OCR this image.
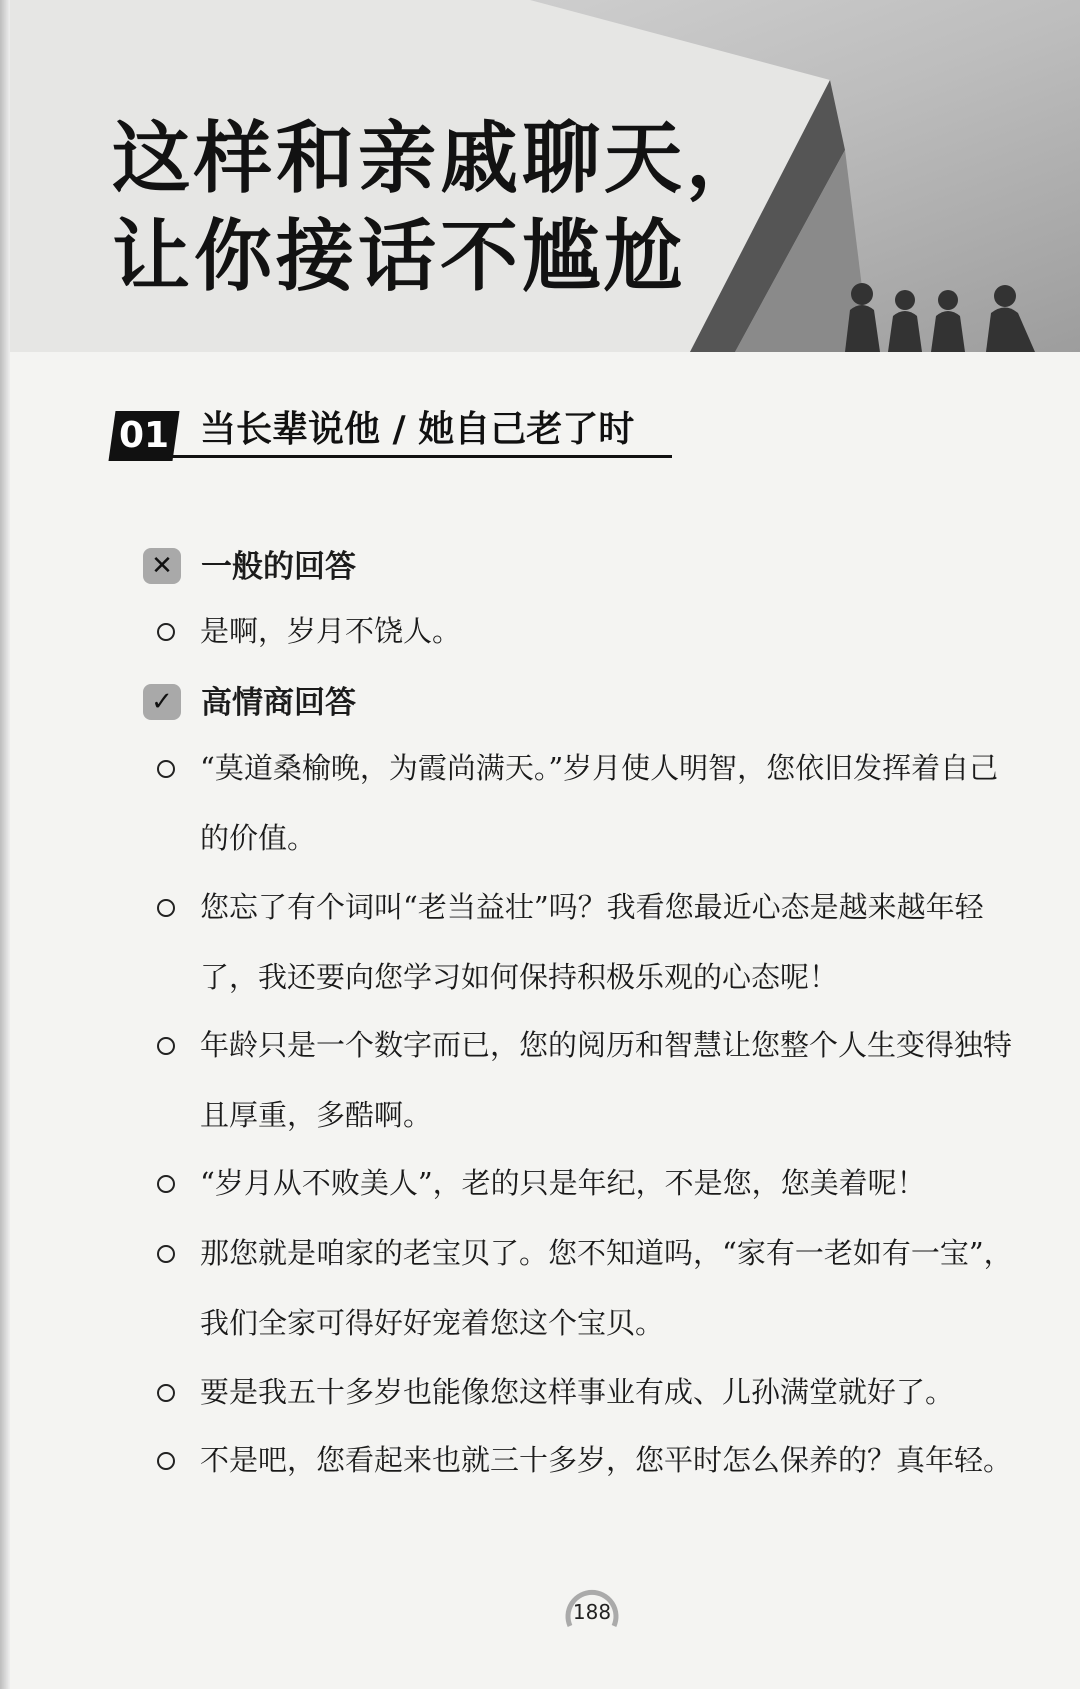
这样和亲戚聊天，
让你接话不尴尬
01 当长辈说他 / 她自己老了时
✕ 一般的回答
是啊，岁月不饶人。
✓ 高情商回答
“莫道桑榆晚，为霞尚满天。”岁月使人明智，您依旧发挥着自己的价值。
您忘了有个词叫“老当益壮”吗？我看您最近心态是越来越年轻了，我还要向您学习如何保持积极乐观的心态呢！
年龄只是一个数字而已，您的阅历和智慧让您整个人生变得独特且厚重，多酷啊。
“岁月从不败美人”，老的只是年纪，不是您，您美着呢！
那您就是咱家的老宝贝了。您不知道吗，“家有一老如有一宝”，我们全家可得好好宠着您这个宝贝。
要是我五十多岁也能像您这样事业有成、儿孙满堂就好了。
不是吧，您看起来也就三十多岁，您平时怎么保养的？真年轻。
188
